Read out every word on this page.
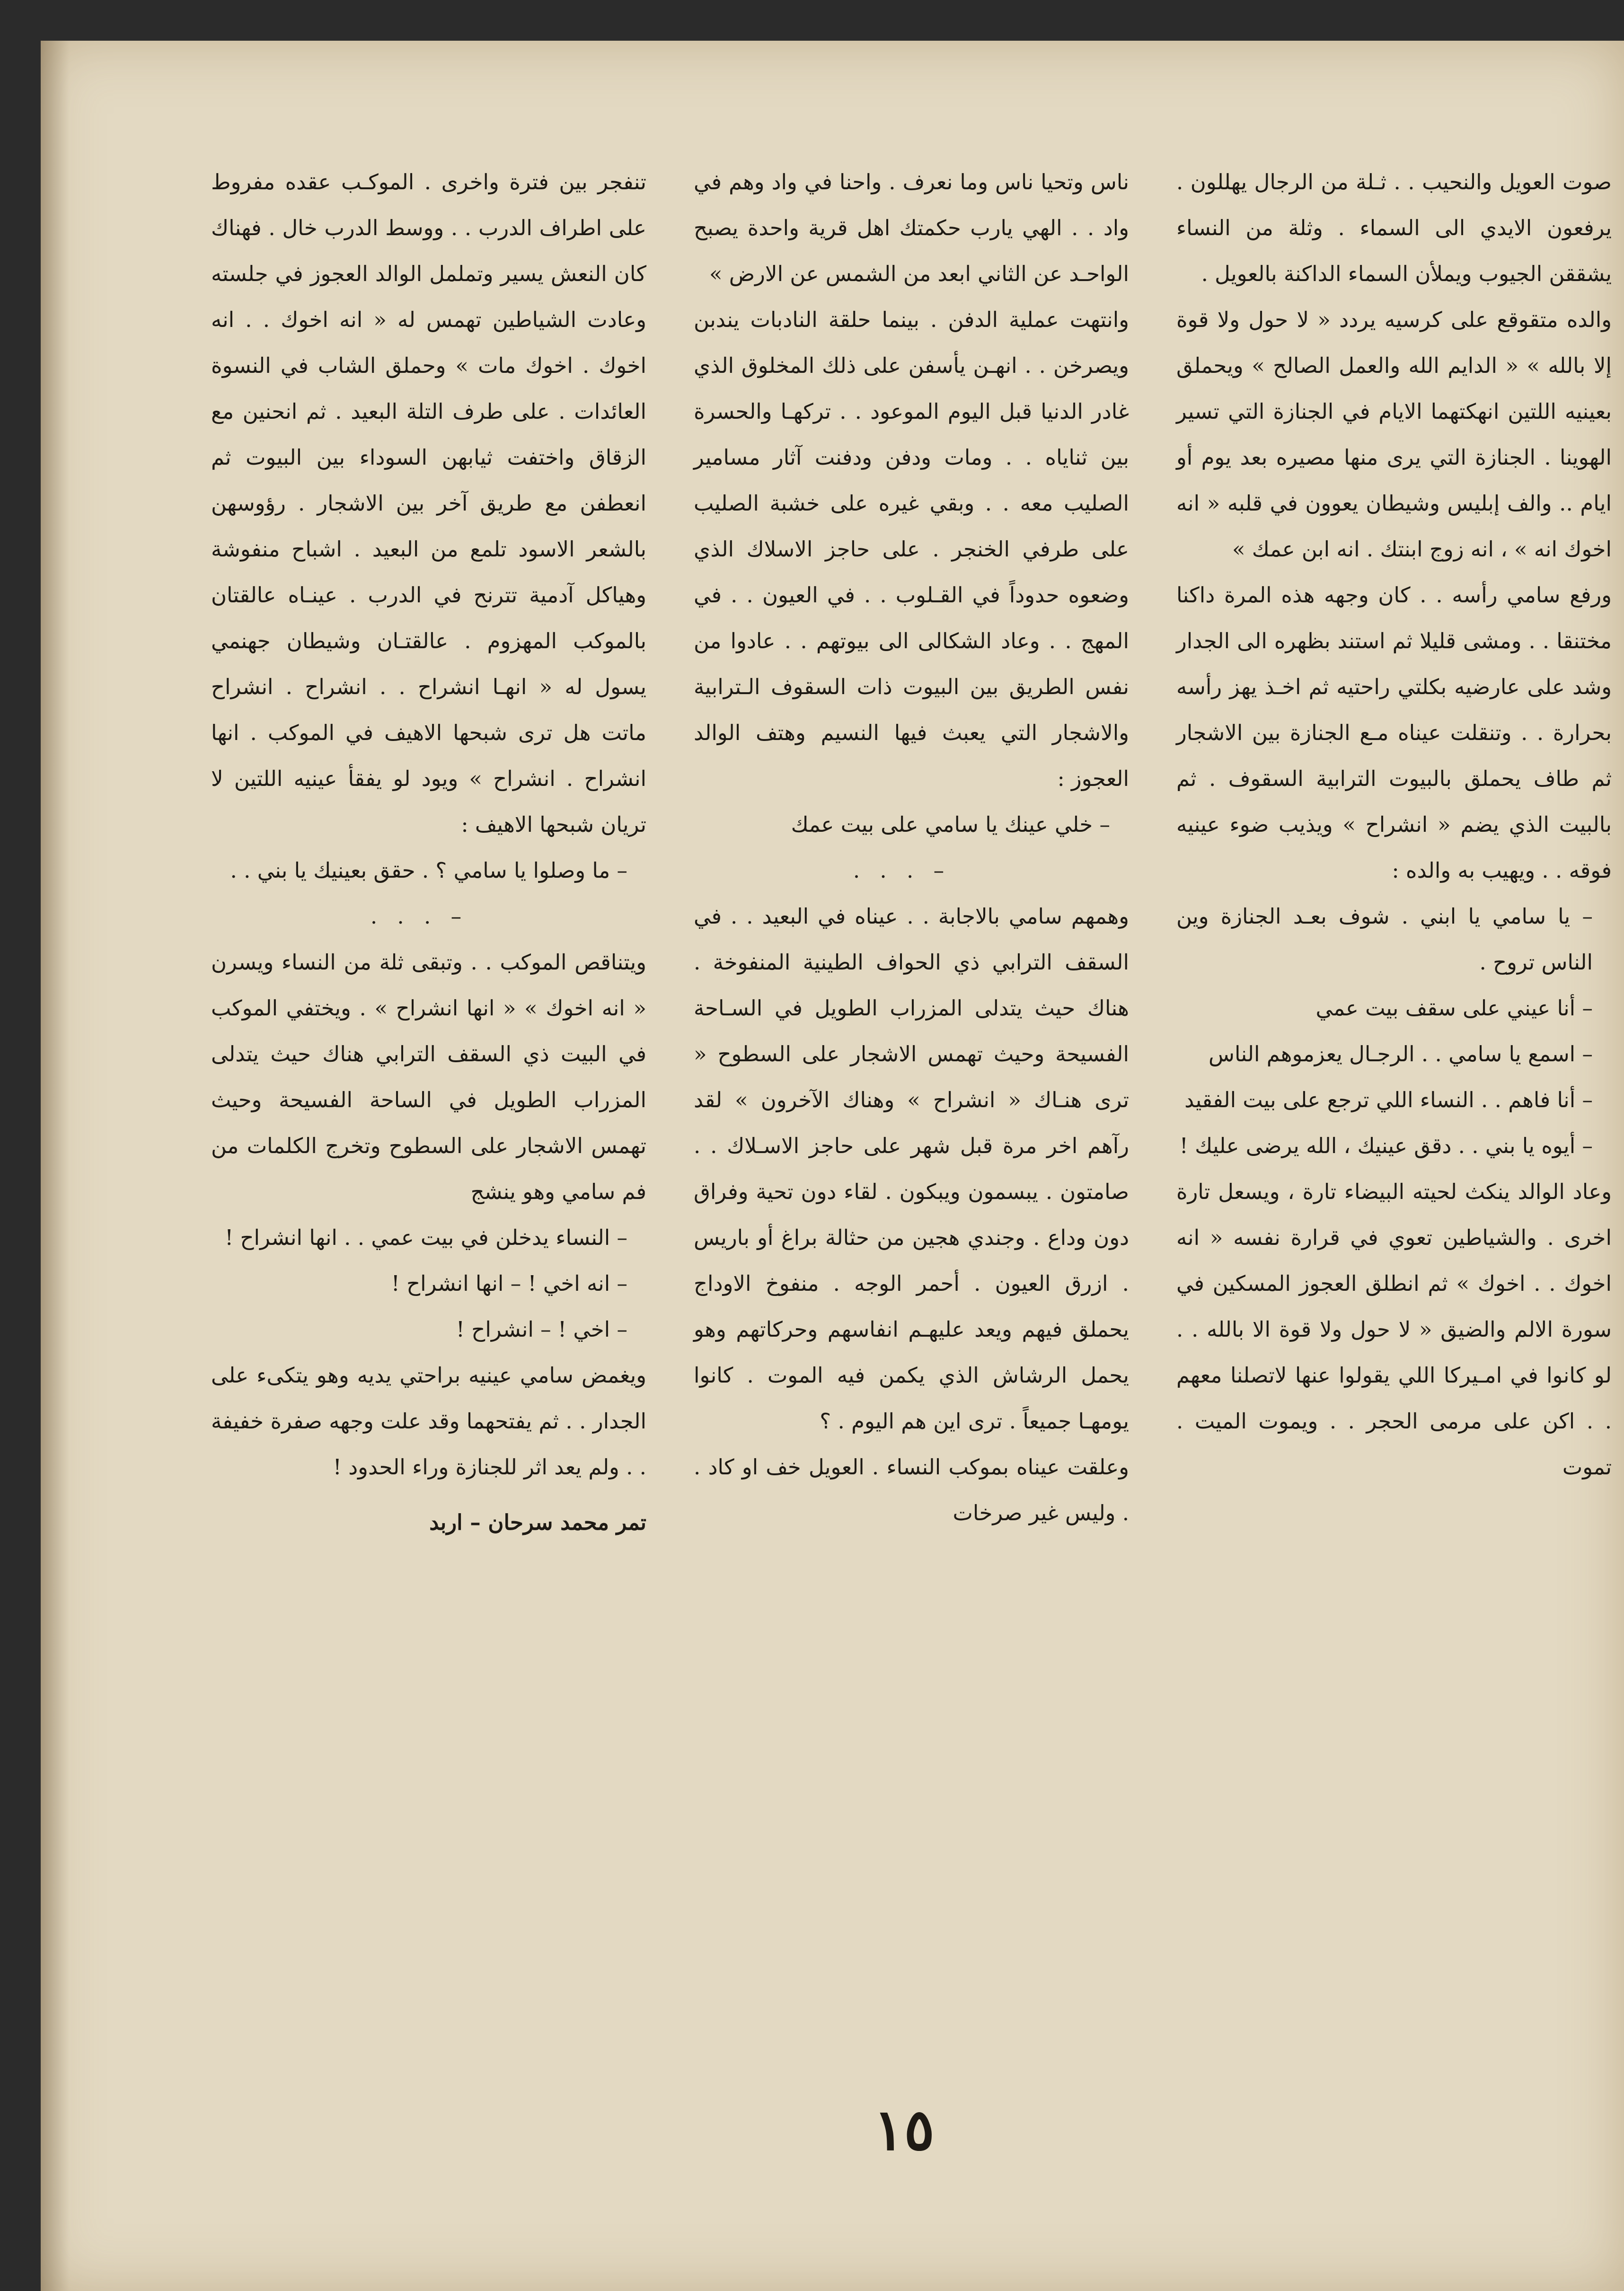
صوت العويل والنحيب . . ثـلة من الرجال يهللون . يرفعون الايدي الى السماء . وثلة من النساء يشققن الجيوب ويملأن السماء الداكنة بالعويل .

والده متقوقع على كرسيه يردد « لا حول ولا قوة إلا بالله » « الدايم الله والعمل الصالح » ويحملق بعينيه اللتين انهكتهما الايام في الجنازة التي تسير الهوينا . الجنازة التي يرى منها مصيره بعد يوم أو ايام .. والف إبليس وشيطان يعوون في قلبه « انه اخوك انه » ، انه زوج ابنتك . انه ابن عمك »

ورفع سامي رأسه . . كان وجهه هذه المرة داكنا مختنقا . . ومشى قليلا ثم استند بظهره الى الجدار وشد على عارضيه بكلتي راحتيه ثم اخـذ يهز رأسه بحرارة . . وتنقلت عيناه مـع الجنازة بين الاشجار ثم طاف يحملق بالبيوت الترابية السقوف . ثم بالبيت الذي يضم « انشراح » ويذيب ضوء عينيه فوقه . . ويهيب به والده :

– يا سامي يا ابني . شوف بعـد الجنازة وين الناس تروح .

– أنا عيني على سقف بيت عمي

– اسمع يا سامي . . الرجـال يعزموهم الناس

– أنا فاهم . . النساء اللي ترجع على بيت الفقيد

– أيوه يا بني . . دقق عينيك ، الله يرضى عليك !

وعاد الوالد ينكث لحيته البيضاء تارة ، ويسعل تارة اخرى . والشياطين تعوي في قرارة نفسه « انه اخوك . . اخوك » ثم انطلق العجوز المسكين في سورة الالم والضيق « لا حول ولا قوة الا بالله . . لو كانوا في امـيركا اللي يقولوا عنها لاتصلنا معهم . . اكن على مرمى الحجر . . ويموت الميت . تموت

ناس وتحيا ناس وما نعرف . واحنا في واد وهم في واد . . الهي يارب حكمتك اهل قرية واحدة يصبح الواحـد عن الثاني ابعد من الشمس عن الارض »

وانتهت عملية الدفن . بينما حلقة النادبات يندبن ويصرخن . . انهـن يأسفن على ذلك المخلوق الذي غادر الدنيا قبل اليوم الموعود . . تركهـا والحسرة بين ثناياه . . ومات ودفن ودفنت آثار مسامير الصليب معه . . وبقي غيره على خشبة الصليب على طرفي الخنجر . على حاجز الاسلاك الذي وضعوه حدوداً في القـلوب . . في العيون . . في المهج . . وعاد الشكالى الى بيوتهم . . عادوا من نفس الطريق بين البيوت ذات السقوف الـترابية والاشجار التي يعبث فيها النسيم وهتف الوالد العجوز :

– خلي عينك يا سامي على بيت عمك

– . . .

وهمهم سامي بالاجابة . . عيناه في البعيد . . في السقف الترابي ذي الحواف الطينية المنفوخة . هناك حيث يتدلى المزراب الطويل في السـاحة الفسيحة وحيث تهمس الاشجار على السطوح « ترى هنـاك « انشراح » وهناك الآخرون » لقد رآهم اخر مرة قبل شهر على حاجز الاسـلاك . . صامتون . يبسمون ويبكون . لقاء دون تحية وفراق دون وداع . وجندي هجين من حثالة براغ أو باريس . ازرق العيون . أحمر الوجه . منفوخ الاوداج يحملق فيهم ويعد عليهـم انفاسهم وحركاتهم وهو يحمل الرشاش الذي يكمن فيه الموت . كانوا يومهـا جميعاً . ترى اين هم اليوم . ؟

وعلقت عيناه بموكب النساء . العويل خف او كاد . . وليس غير صرخات

تنفجر بين فترة واخرى . الموكـب عقده مفروط على اطراف الدرب . . ووسط الدرب خال . فهناك كان النعش يسير وتململ الوالد العجوز في جلسته وعادت الشياطين تهمس له « انه اخوك . . انه اخوك . اخوك مات » وحملق الشاب في النسوة العائدات . على طرف التلة البعيد . ثم انحنين مع الزقاق واختفت ثيابهن السوداء بين البيوت ثم انعطفن مع طريق آخر بين الاشجار . رؤوسهن بالشعر الاسود تلمع من البعيد . اشباح منفوشة وهياكل آدمية تترنح في الدرب . عينـاه عالقتان بالموكب المهزوم . عالقتـان وشيطان جهنمي يسول له « انهـا انشراح . . انشراح . انشراح ماتت هل ترى شبحها الاهيف في الموكب . انها انشراح . انشراح » ويود لو يفقأ عينيه اللتين لا تريان شبحها الاهيف :

– ما وصلوا يا سامي ؟ . حقق بعينيك يا بني . .

– . . .

ويتناقص الموكب . . وتبقى ثلة من النساء ويسرن « انه اخوك » « انها انشراح » . ويختفي الموكب في البيت ذي السقف الترابي هناك حيث يتدلى المزراب الطويل في الساحة الفسيحة وحيث تهمس الاشجار على السطوح وتخرج الكلمات من فم سامي وهو ينشج

– النساء يدخلن في بيت عمي . . انها انشراح !

– انه اخي ! – انها انشراح !

– اخي ! – انشراح !

ويغمض سامي عينيه براحتي يديه وهو يتكىء على الجدار . . ثم يفتحهما وقد علت وجهه صفرة خفيفة . . ولم يعد اثر للجنازة وراء الحدود !

تمر محمد سرحان – اربد

١٥
